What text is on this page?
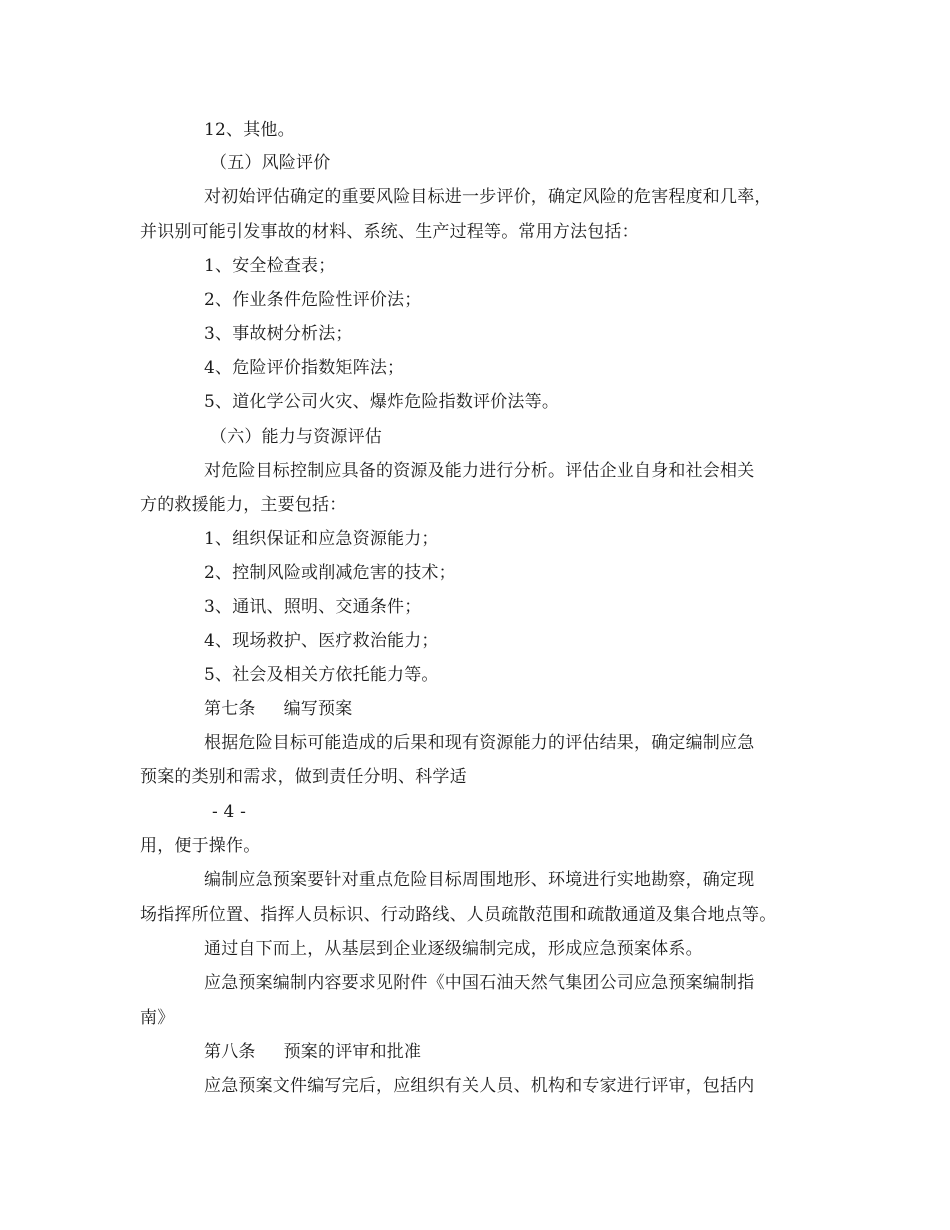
12、其他。
（五）风险评价
对初始评估确定的重要风险目标进一步评价，确定风险的危害程度和几率，
并识别可能引发事故的材料、系统、生产过程等。常用方法包括：
1、安全检查表；
2、作业条件危险性评价法；
3、事故树分析法；
4、危险评价指数矩阵法；
5、道化学公司火灾、爆炸危险指数评价法等。
（六）能力与资源评估
对危险目标控制应具备的资源及能力进行分析。评估企业自身和社会相关
方的救援能力，主要包括：
1、组织保证和应急资源能力；
2、控制风险或削减危害的技术；
3、通讯、照明、交通条件；
4、现场救护、医疗救治能力；
5、社会及相关方依托能力等。
第七条 编写预案
根据危险目标可能造成的后果和现有资源能力的评估结果，确定编制应急
预案的类别和需求，做到责任分明、科学适
- 4 -
用，便于操作。
编制应急预案要针对重点危险目标周围地形、环境进行实地勘察，确定现
场指挥所位置、指挥人员标识、行动路线、人员疏散范围和疏散通道及集合地点等。
通过自下而上，从基层到企业逐级编制完成，形成应急预案体系。
应急预案编制内容要求见附件《中国石油天然气集团公司应急预案编制指
南》
第八条 预案的评审和批准
应急预案文件编写完后，应组织有关人员、机构和专家进行评审，包括内
